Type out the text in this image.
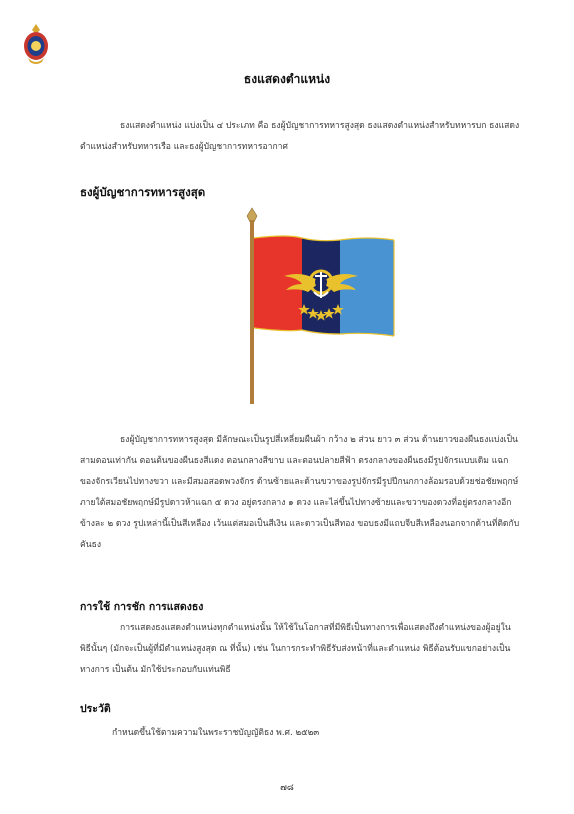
ธงแสดงตำแหน่ง

ธงแสดงตำแหน่ง แบ่งเป็น ๔ ประเภท คือ ธงผู้บัญชาการทหารสูงสุด ธงแสดงตำแหน่งสำหรับทหารบก ธงแสดงตำแหน่งสำหรับทหารเรือ และธงผู้บัญชาการทหารอากาศ

ธงผู้บัญชาการทหารสูงสุด

ธงผู้บัญชาการทหารสูงสุด มีลักษณะเป็นรูปสี่เหลี่ยมผืนผ้า กว้าง ๒ ส่วน ยาว ๓ ส่วน ด้านยาวของผืนธงแบ่งเป็นสามตอนเท่ากัน ตอนต้นของผืนธงสีแดง ตอนกลางสีขาบ และตอนปลายสีฟ้า ตรงกลางของผืนธงมีรูปจักรแบบเดิม แฉกของจักรเวียนไปทางขวา และมีสมอสอดพวงจักร ด้านซ้ายและด้านขวาของรูปจักรมีรูปปีกนกกางล้อมรอบด้วยช่อชัยพฤกษ์ ภายใต้สมอชัยพฤกษ์มีรูปดาวห้าแฉก ๕ ดวง อยู่ตรงกลาง ๑ ดวง และไล่ขึ้นไปทางซ้ายและขวาของดวงที่อยู่ตรงกลางอีกข้างละ ๒ ดวง รูปเหล่านี้เป็นสีเหลือง เว้นแต่สมอเป็นสีเงิน และดาวเป็นสีทอง ขอบธงมีแถบจีบสีเหลืองนอกจากด้านที่ติดกับคันธง

การใช้ การชัก การแสดงธง

การแสดงธงแสดงตำแหน่งทุกตำแหน่งนั้น ให้ใช้ในโอกาสที่มีพิธีเป็นทางการเพื่อแสดงถึงตำแหน่งของผู้อยู่ในพิธีนั้นๆ (มักจะเป็นผู้ที่มีตำแหน่งสูงสุด ณ ที่นั้น) เช่น ในการกระทำพิธีรับส่งหน้าที่และตำแหน่ง พิธีต้อนรับแขกอย่างเป็นทางการ เป็นต้น มักใช้ประกอบกับแท่นพิธี

ประวัติ

กำหนดขึ้นใช้ตามความในพระราชบัญญัติธง พ.ศ. ๒๕๒๓

๗๘
